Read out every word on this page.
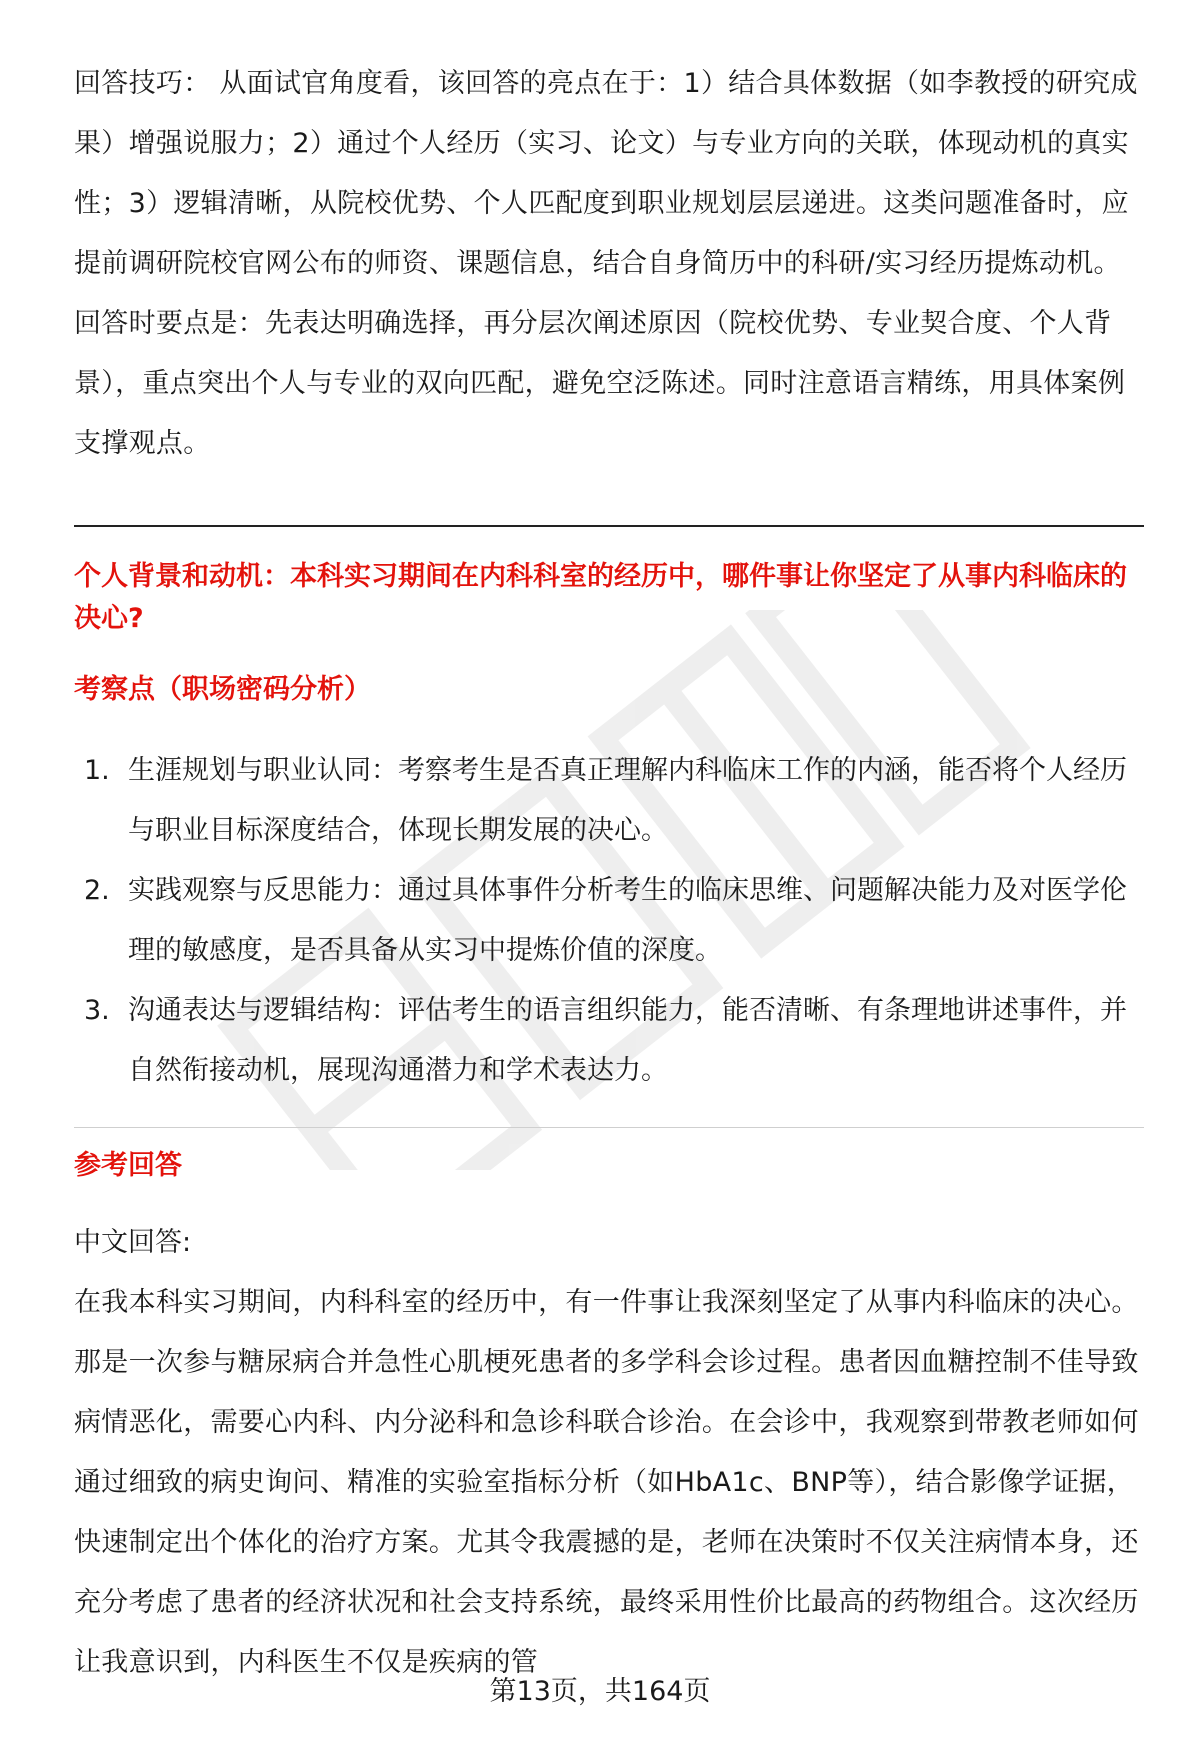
回答技巧： 从面试官角度看，该回答的亮点在于：1）结合具体数据（如李教授的研究成果）增强说服力；2）通过个人经历（实习、论文）与专业方向的关联，体现动机的真实性；3）逻辑清晰，从院校优势、个人匹配度到职业规划层层递进。这类问题准备时，应提前调研院校官网公布的师资、课题信息，结合自身简历中的科研/实习经历提炼动机。回答时要点是：先表达明确选择，再分层次阐述原因（院校优势、专业契合度、个人背景），重点突出个人与专业的双向匹配，避免空泛陈述。同时注意语言精练，用具体案例支撑观点。

个人背景和动机：本科实习期间在内科科室的经历中，哪件事让你坚定了从事内科临床的决心?

考察点（职场密码分析）

1. 生涯规划与职业认同：考察考生是否真正理解内科临床工作的内涵，能否将个人经历与职业目标深度结合，体现长期发展的决心。
2. 实践观察与反思能力：通过具体事件分析考生的临床思维、问题解决能力及对医学伦理的敏感度，是否具备从实习中提炼价值的深度。
3. 沟通表达与逻辑结构：评估考生的语言组织能力，能否清晰、有条理地讲述事件，并自然衔接动机，展现沟通潜力和学术表达力。

参考回答

中文回答:

在我本科实习期间，内科科室的经历中，有一件事让我深刻坚定了从事内科临床的决心。那是一次参与糖尿病合并急性心肌梗死患者的多学科会诊过程。患者因血糖控制不佳导致病情恶化，需要心内科、内分泌科和急诊科联合诊治。在会诊中，我观察到带教老师如何通过细致的病史询问、精准的实验室指标分析（如HbA1c、BNP等），结合影像学证据，快速制定出个体化的治疗方案。尤其令我震撼的是，老师在决策时不仅关注病情本身，还充分考虑了患者的经济状况和社会支持系统，最终采用性价比最高的药物组合。这次经历让我意识到，内科医生不仅是疾病的管

第13页，共164页
